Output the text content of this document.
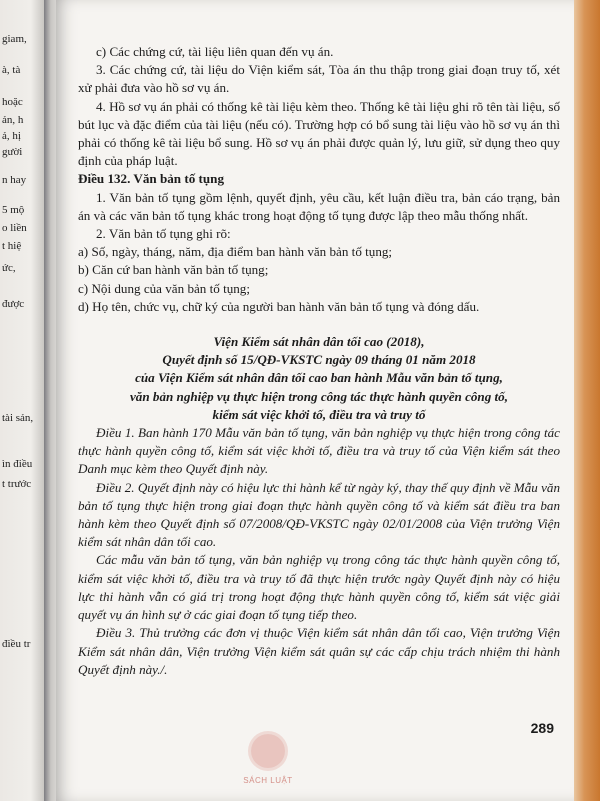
giam,
à, tà
hoặc
ản, h
ả, hị
gười
n hay
5 mộ
o liền
t hiệ
ức,
được
tài sản,
ìn điều
t trước
điều tr

c) Các chứng cứ, tài liệu liên quan đến vụ án.

3. Các chứng cứ, tài liệu do Viện kiểm sát, Tòa án thu thập trong giai đoạn truy tố, xét xử phải đưa vào hồ sơ vụ án.

4. Hồ sơ vụ án phải có thống kê tài liệu kèm theo. Thống kê tài liệu ghi rõ tên tài liệu, số bút lục và đặc điểm của tài liệu (nếu có). Trường hợp có bổ sung tài liệu vào hồ sơ vụ án thì phải có thống kê tài liệu bổ sung. Hồ sơ vụ án phải được quản lý, lưu giữ, sử dụng theo quy định của pháp luật.

Điều 132. Văn bản tố tụng

1. Văn bản tố tụng gồm lệnh, quyết định, yêu cầu, kết luận điều tra, bản cáo trạng, bản án và các văn bản tố tụng khác trong hoạt động tố tụng được lập theo mẫu thống nhất.

2. Văn bản tố tụng ghi rõ:

a) Số, ngày, tháng, năm, địa điểm ban hành văn bản tố tụng;

b) Căn cứ ban hành văn bản tố tụng;

c) Nội dung của văn bản tố tụng;

d) Họ tên, chức vụ, chữ ký của người ban hành văn bản tố tụng và đóng dấu.

Viện Kiểm sát nhân dân tối cao (2018),

Quyết định số 15/QĐ-VKSTC ngày 09 tháng 01 năm 2018

của Viện Kiểm sát nhân dân tối cao ban hành Mẫu văn bản tố tụng,

văn bản nghiệp vụ thực hiện trong công tác thực hành quyền công tố,

kiểm sát việc khởi tố, điều tra và truy tố

Điều 1. Ban hành 170 Mẫu văn bản tố tụng, văn bản nghiệp vụ thực hiện trong công tác thực hành quyền công tố, kiểm sát việc khởi tố, điều tra và truy tố của Viện kiểm sát theo Danh mục kèm theo Quyết định này.

Điều 2. Quyết định này có hiệu lực thi hành kể từ ngày ký, thay thế quy định về Mẫu văn bản tố tụng thực hiện trong giai đoạn thực hành quyền công tố và kiểm sát điều tra ban hành kèm theo Quyết định số 07/2008/QĐ-VKSTC ngày 02/01/2008 của Viện trưởng Viện kiểm sát nhân dân tối cao.

Các mẫu văn bản tố tụng, văn bản nghiệp vụ trong công tác thực hành quyền công tố, kiểm sát việc khởi tố, điều tra và truy tố đã thực hiện trước ngày Quyết định này có hiệu lực thi hành vẫn có giá trị trong hoạt động thực hành quyền công tố, kiểm sát việc giải quyết vụ án hình sự ở các giai đoạn tố tụng tiếp theo.

Điều 3. Thủ trưởng các đơn vị thuộc Viện kiểm sát nhân dân tối cao, Viện trưởng Viện Kiểm sát nhân dân, Viện trưởng Viện kiểm sát quân sự các cấp chịu trách nhiệm thi hành Quyết định này./.

289
SÁCH LUẬT
